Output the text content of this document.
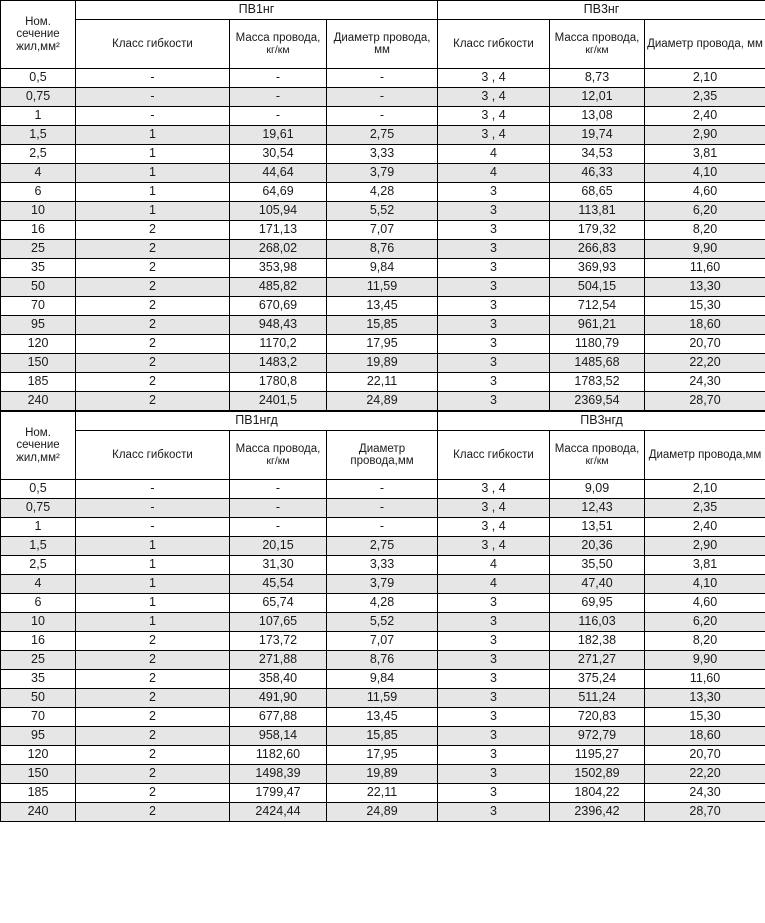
Ном.
сечение
жил,мм²	ПВ1нг			ПВ3нг		
	Класс гибкости	Масса провода,
кг/км	Диаметр провода, мм	Класс гибкости	Масса провода,
кг/км	Диаметр провода, мм
0,5	-	-	-	3 , 4	8,73	2,10
0,75	-	-	-	3 , 4	12,01	2,35
1	-	-	-	3 , 4	13,08	2,40
1,5	1	19,61	2,75	3 , 4	19,74	2,90
2,5	1	30,54	3,33	4	34,53	3,81
4	1	44,64	3,79	4	46,33	4,10
6	1	64,69	4,28	3	68,65	4,60
10	1	105,94	5,52	3	113,81	6,20
16	2	171,13	7,07	3	179,32	8,20
25	2	268,02	8,76	3	266,83	9,90
35	2	353,98	9,84	3	369,93	11,60
50	2	485,82	11,59	3	504,15	13,30
70	2	670,69	13,45	3	712,54	15,30
95	2	948,43	15,85	3	961,21	18,60
120	2	1170,2	17,95	3	1180,79	20,70
150	2	1483,2	19,89	3	1485,68	22,20
185	2	1780,8	22,11	3	1783,52	24,30
240	2	2401,5	24,89	3	2369,54	28,70
Ном.
сечение
жил,мм²	ПВ1нгд			ПВ3нгд		
	Класс гибкости	Масса провода,
кг/км	Диаметр провода,мм	Класс гибкости	Масса провода,
кг/км	Диаметр провода,мм
0,5	-	-	-	3 , 4	9,09	2,10
0,75	-	-	-	3 , 4	12,43	2,35
1	-	-	-	3 , 4	13,51	2,40
1,5	1	20,15	2,75	3 , 4	20,36	2,90
2,5	1	31,30	3,33	4	35,50	3,81
4	1	45,54	3,79	4	47,40	4,10
6	1	65,74	4,28	3	69,95	4,60
10	1	107,65	5,52	3	116,03	6,20
16	2	173,72	7,07	3	182,38	8,20
25	2	271,88	8,76	3	271,27	9,90
35	2	358,40	9,84	3	375,24	11,60
50	2	491,90	11,59	3	511,24	13,30
70	2	677,88	13,45	3	720,83	15,30
95	2	958,14	15,85	3	972,79	18,60
120	2	1182,60	17,95	3	1195,27	20,70
150	2	1498,39	19,89	3	1502,89	22,20
185	2	1799,47	22,11	3	1804,22	24,30
240	2	2424,44	24,89	3	2396,42	28,70
